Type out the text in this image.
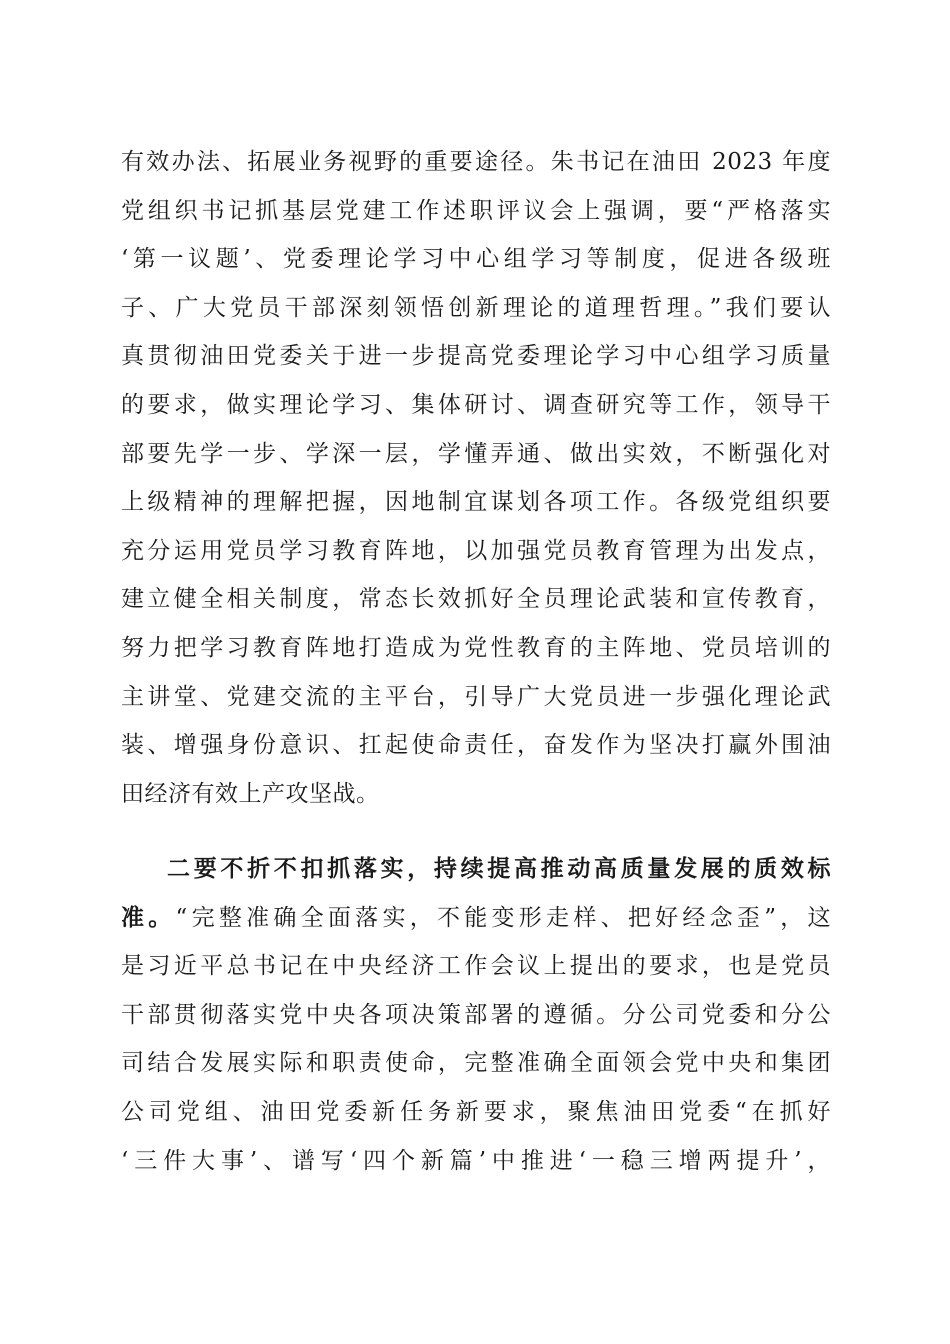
有效办法、拓展业务视野的重要途径。朱书记在油田 2023 年度
党组织书记抓基层党建工作述职评议会上强调，要“严格落实
‘第一议题’、党委理论学习中心组学习等制度，促进各级班
子、广大党员干部深刻领悟创新理论的道理哲理。”我们要认
真贯彻油田党委关于进一步提高党委理论学习中心组学习质量
的要求，做实理论学习、集体研讨、调查研究等工作，领导干
部要先学一步、学深一层，学懂弄通、做出实效，不断强化对
上级精神的理解把握，因地制宜谋划各项工作。各级党组织要
充分运用党员学习教育阵地，以加强党员教育管理为出发点，
建立健全相关制度，常态长效抓好全员理论武装和宣传教育，
努力把学习教育阵地打造成为党性教育的主阵地、党员培训的
主讲堂、党建交流的主平台，引导广大党员进一步强化理论武
装、增强身份意识、扛起使命责任，奋发作为坚决打赢外围油
田经济有效上产攻坚战。
二要不折不扣抓落实，持续提高推动高质量发展的质效标
准。“完整准确全面落实，不能变形走样、把好经念歪”，这
是习近平总书记在中央经济工作会议上提出的要求，也是党员
干部贯彻落实党中央各项决策部署的遵循。分公司党委和分公
司结合发展实际和职责使命，完整准确全面领会党中央和集团
公司党组、油田党委新任务新要求，聚焦油田党委“在抓好
‘三件大事’、谱写‘四个新篇’中推进‘一稳三增两提升’，
